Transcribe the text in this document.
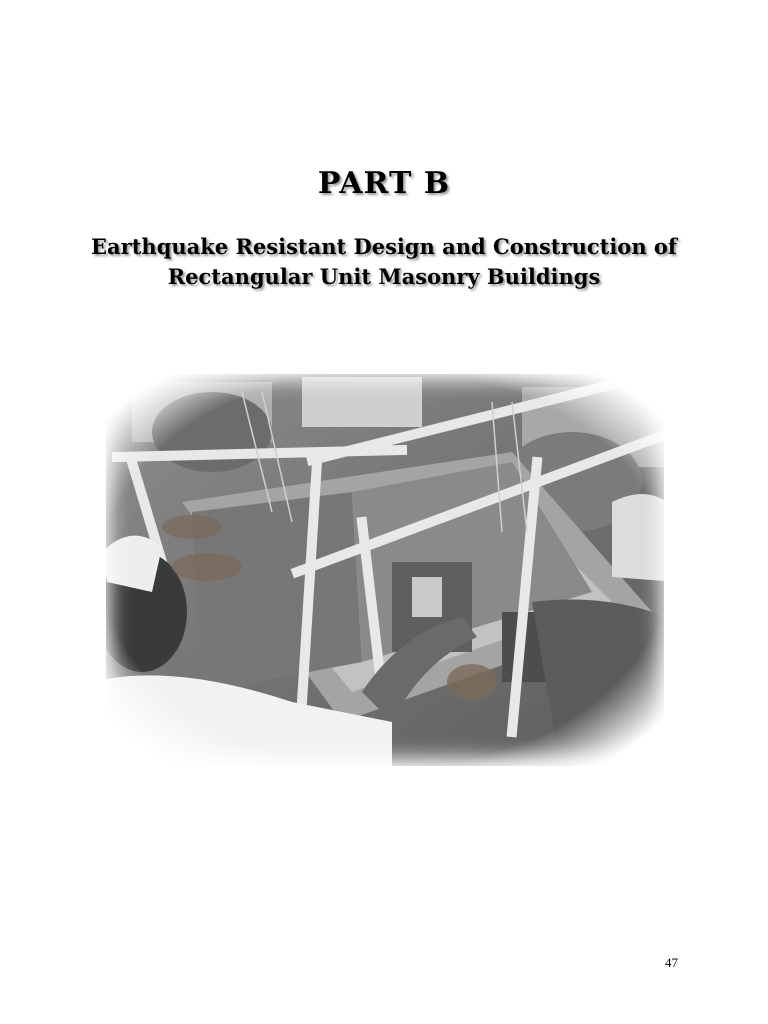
PART B
Earthquake Resistant Design and Construction of
Rectangular Unit Masonry Buildings
47
